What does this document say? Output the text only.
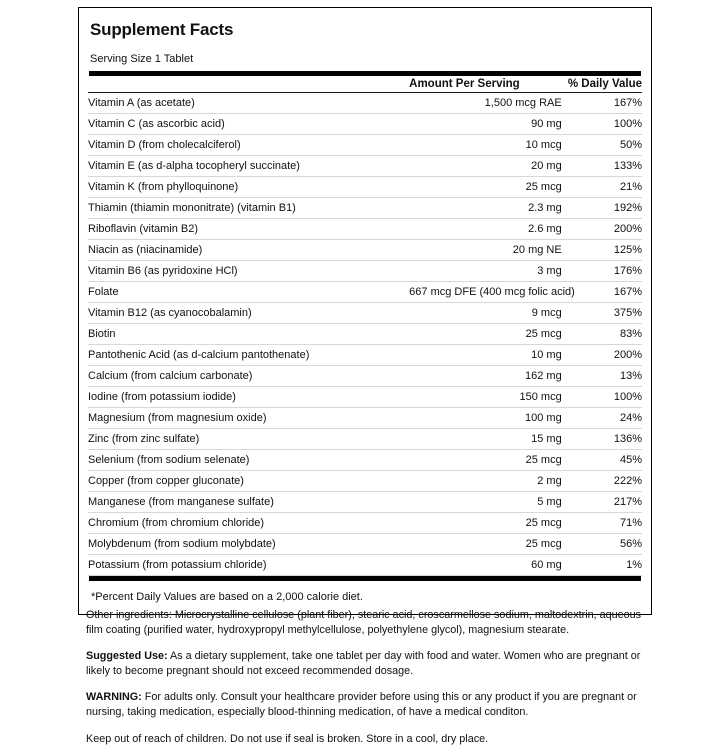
Supplement Facts
Serving Size 1 Tablet
	Amount Per Serving	% Daily Value
Vitamin A (as acetate)	1,500 mcg RAE	167%
Vitamin C (as ascorbic acid)	90 mg	100%
Vitamin D (from cholecalciferol)	10 mcg	50%
Vitamin E (as d-alpha tocopheryl succinate)	20 mg	133%
Vitamin K (from phylloquinone)	25 mcg	21%
Thiamin (thiamin mononitrate) (vitamin B1)	2.3 mg	192%
Riboflavin (vitamin B2)	2.6 mg	200%
Niacin as (niacinamide)	20 mg NE	125%
Vitamin B6 (as pyridoxine HCl)	3 mg	176%
Folate	667 mcg DFE (400 mcg folic acid)	167%
Vitamin B12 (as cyanocobalamin)	9 mcg	375%
Biotin	25 mcg	83%
Pantothenic Acid (as d-calcium pantothenate)	10 mg	200%
Calcium (from calcium carbonate)	162 mg	13%
Iodine (from potassium iodide)	150 mcg	100%
Magnesium (from magnesium oxide)	100 mg	24%
Zinc (from zinc sulfate)	15 mg	136%
Selenium (from sodium selenate)	25 mcg	45%
Copper (from copper gluconate)	2 mg	222%
Manganese (from manganese sulfate)	5 mg	217%
Chromium (from chromium chloride)	25 mcg	71%
Molybdenum (from sodium molybdate)	25 mcg	56%
Potassium (from potassium chloride)	60 mg	1%
*Percent Daily Values are based on a 2,000 calorie diet.

Other ingredients: Microcrystalline cellulose (plant fiber), stearic acid, croscarmellose sodium, maltodextrin, aqueous film coating (purified water, hydroxypropyl methylcellulose, polyethylene glycol), magnesium stearate.

Suggested Use: As a dietary supplement, take one tablet per day with food and water. Women who are pregnant or likely to become pregnant should not exceed recommended dosage.

WARNING: For adults only. Consult your healthcare provider before using this or any product if you are pregnant or nursing, taking medication, especially blood-thinning medication, of have a medical conditon.

Keep out of reach of children. Do not use if seal is broken. Store in a cool, dry place.
